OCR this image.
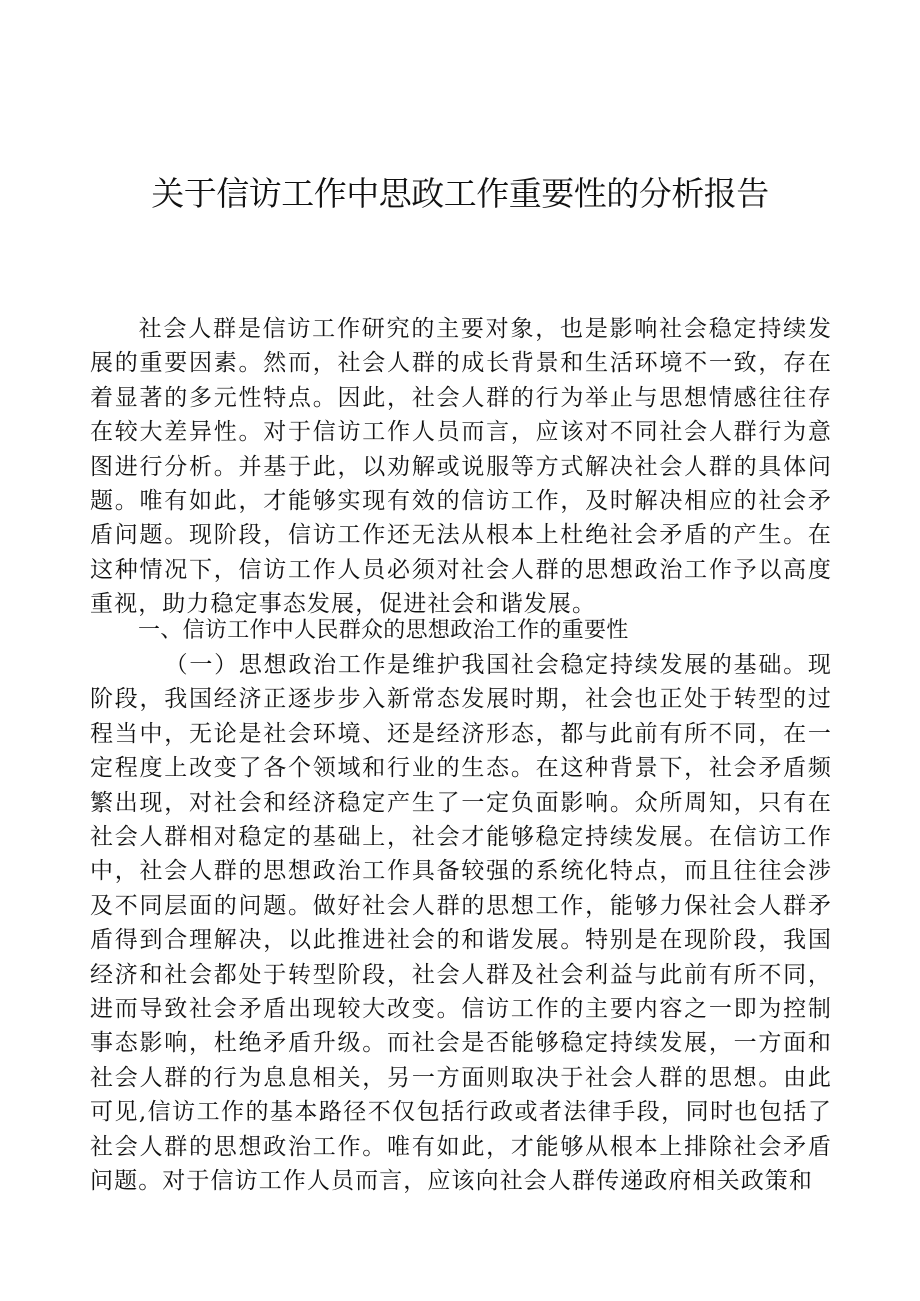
关于信访工作中思政工作重要性的分析报告

社会人群是信访工作研究的主要对象，也是影响社会稳定持续发展的重要因素。然而，社会人群的成长背景和生活环境不一致，存在着显著的多元性特点。因此，社会人群的行为举止与思想情感往往存在较大差异性。对于信访工作人员而言，应该对不同社会人群行为意图进行分析。并基于此，以劝解或说服等方式解决社会人群的具体问题。唯有如此，才能够实现有效的信访工作，及时解决相应的社会矛盾问题。现阶段，信访工作还无法从根本上杜绝社会矛盾的产生。在这种情况下，信访工作人员必须对社会人群的思想政治工作予以高度重视，助力稳定事态发展，促进社会和谐发展。

一、信访工作中人民群众的思想政治工作的重要性

（一）思想政治工作是维护我国社会稳定持续发展的基础。现阶段，我国经济正逐步步入新常态发展时期，社会也正处于转型的过程当中，无论是社会环境、还是经济形态，都与此前有所不同，在一定程度上改变了各个领域和行业的生态。在这种背景下，社会矛盾频繁出现，对社会和经济稳定产生了一定负面影响。众所周知，只有在社会人群相对稳定的基础上，社会才能够稳定持续发展。在信访工作中，社会人群的思想政治工作具备较强的系统化特点，而且往往会涉及不同层面的问题。做好社会人群的思想工作，能够力保社会人群矛盾得到合理解决，以此推进社会的和谐发展。特别是在现阶段，我国经济和社会都处于转型阶段，社会人群及社会利益与此前有所不同，进而导致社会矛盾出现较大改变。信访工作的主要内容之一即为控制事态影响，杜绝矛盾升级。而社会是否能够稳定持续发展，一方面和社会人群的行为息息相关，另一方面则取决于社会人群的思想。由此可见,信访工作的基本路径不仅包括行政或者法律手段，同时也包括了社会人群的思想政治工作。唯有如此，才能够从根本上排除社会矛盾问题。对于信访工作人员而言，应该向社会人群传递政府相关政策和
